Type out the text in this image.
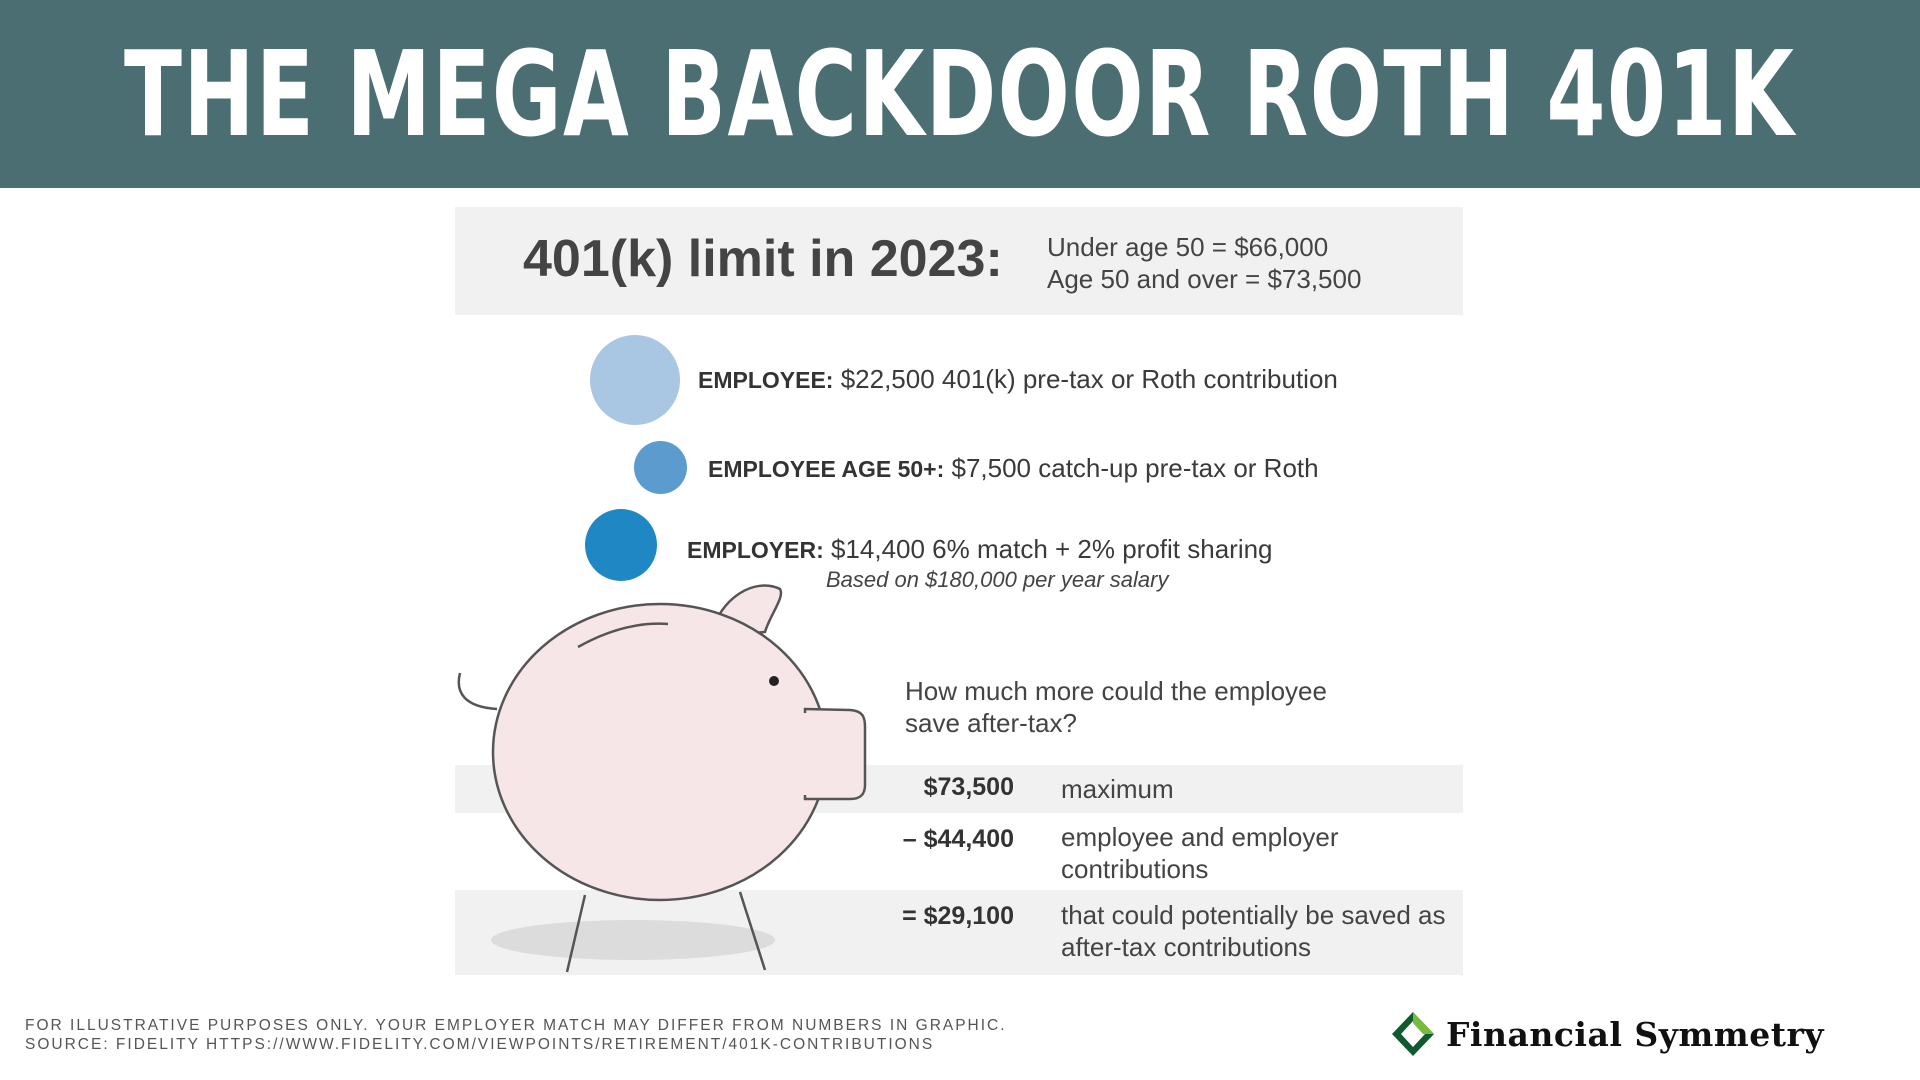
THE MEGA BACKDOOR ROTH 401K
401(k) limit in 2023: Under age 50 = $66,000
Age 50 and over = $73,500
EMPLOYEE: $22,500 401(k) pre-tax or Roth contribution
EMPLOYEE AGE 50+: $7,500 catch-up pre-tax or Roth
EMPLOYER: $14,400 6% match + 2% profit sharing
Based on $180,000 per year salary
How much more could the employee save after-tax?
$73,500 maximum
– $44,400 employee and employer contributions
= $29,100 that could potentially be saved as after-tax contributions
FOR ILLUSTRATIVE PURPOSES ONLY. YOUR EMPLOYER MATCH MAY DIFFER FROM NUMBERS IN GRAPHIC.
SOURCE: FIDELITY HTTPS://WWW.FIDELITY.COM/VIEWPOINTS/RETIREMENT/401K-CONTRIBUTIONS	Financial Symmetry
